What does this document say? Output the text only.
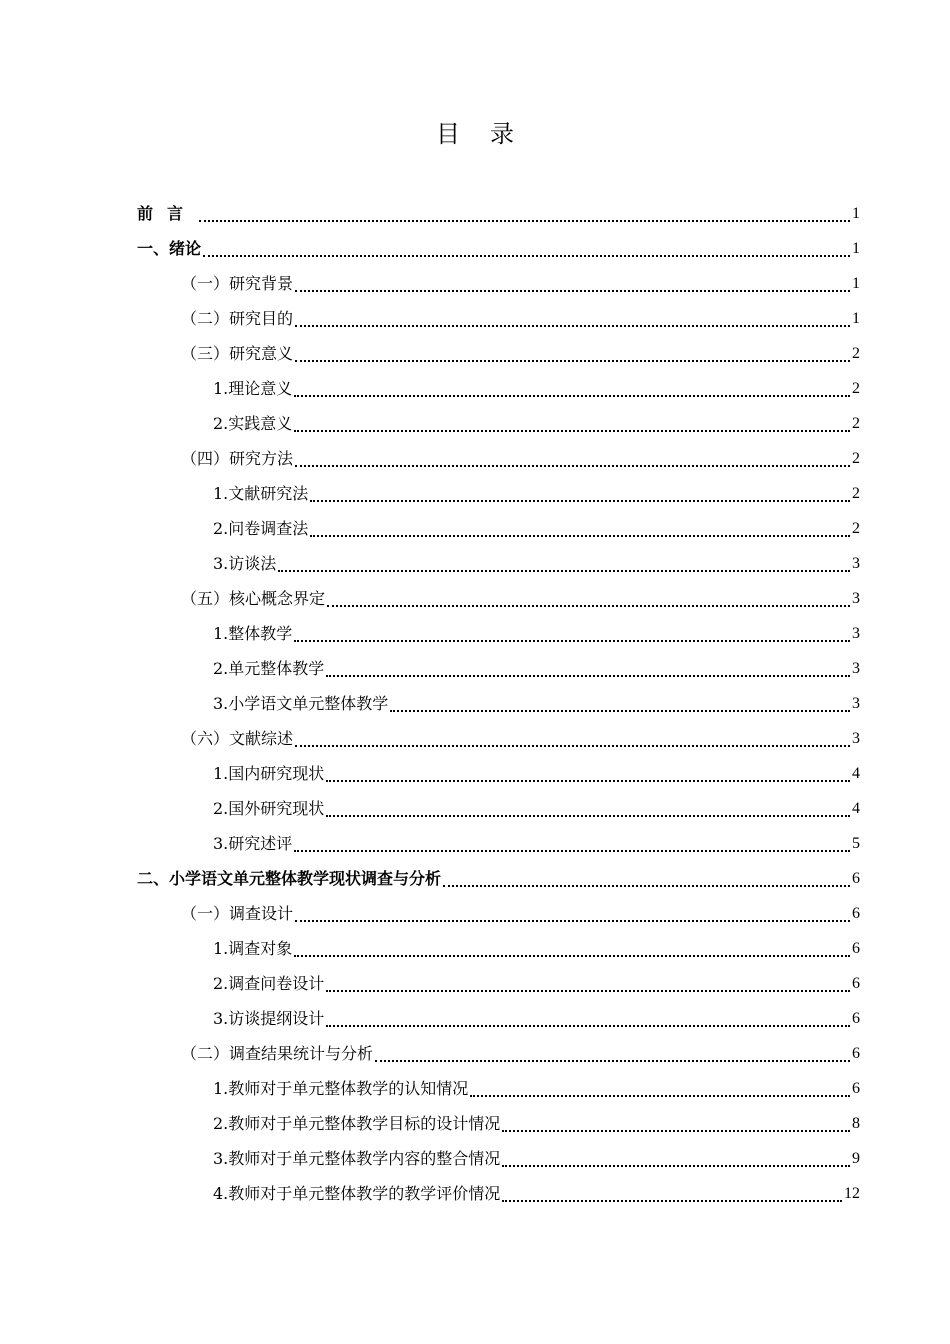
目录
前言	1
一、绪论	1
（一）研究背景	1
（二）研究目的	1
（三）研究意义	2
1.理论意义	2
2.实践意义	2
（四）研究方法	2
1.文献研究法	2
2.问卷调查法	2
3.访谈法	3
（五）核心概念界定	3
1.整体教学	3
2.单元整体教学	3
3.小学语文单元整体教学	3
（六）文献综述	3
1.国内研究现状	4
2.国外研究现状	4
3.研究述评	5
二、小学语文单元整体教学现状调查与分析	6
（一）调查设计	6
1.调查对象	6
2.调查问卷设计	6
3.访谈提纲设计	6
（二）调查结果统计与分析	6
1.教师对于单元整体教学的认知情况	6
2.教师对于单元整体教学目标的设计情况	8
3.教师对于单元整体教学内容的整合情况	9
4.教师对于单元整体教学的教学评价情况	12
